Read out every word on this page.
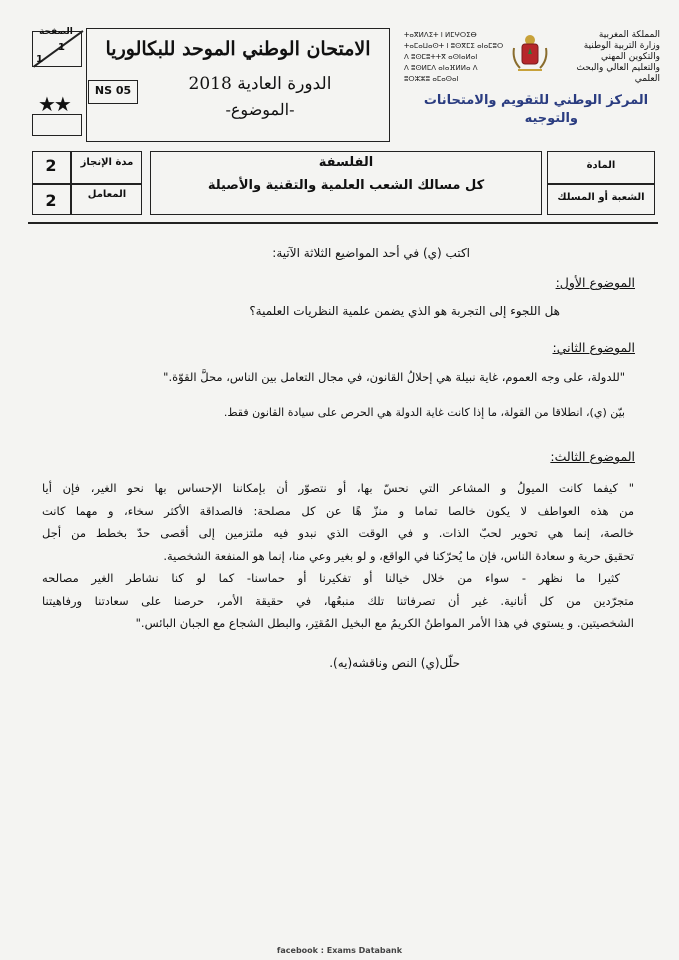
الصفحة
1
1
★★
الامتحان الوطني الموحد للبكالوريا
الدورة العادية 2018
-الموضوع-
NS 05
المملكة المغربية
وزارة التربية الوطنية
والتكوين المهني
والتعليم العالي والبحث العلمي
ⵜⴰⴳⵍⴷⵉⵜ ⵏ ⵍⵎⵖⵔⵉⴱ
ⵜⴰⵎⴰⵡⴰⵙⵜ ⵏ ⵓⵙⴳⵎⵉ ⴰⵏⴰⵎⵓⵔ
ⴷ ⵓⵙⵎⵓⵜⵜⴳ ⴰⵙⵏⴰⵍⴰⵏ
ⴷ ⵓⵙⵍⵎⴷ ⴰⵏⴰⴼⵍⵍⴰ ⴷ ⵓⵔⵣⵣⵓ ⴰⵎⴰⵙⴰⵏ
المركز الوطني للتقويم والامتحانات
والتوجيه
مدة الإنجاز
2
المعامل
2
الفلسفة
كل مسالك الشعب العلمية والتقنية والأصيلة
المادة
الشعبة أو المسلك
اكتب (ي) في أحد المواضيع الثلاثة الآتية:
الموضوع الأول:
هل اللجوء إلى التجربة هو الذي يضمن علمية النظريات العلمية؟
الموضوع الثاني:
"للدولة، على وجه العموم، غاية نبيلة هي إحلالُ القانون، في مجال التعامل بين الناس، محلَّ القوّة."
بيّن (ي)، انطلاقا من القولة، ما إذا كانت غاية الدولة هي الحرص على سيادة القانون فقط.
الموضوع الثالث:
" كيفما كانت الميولُ و المشاعر التي نحسّ بها، أو نتصوّر أن بإمكاننا الإحساس بها نحو الغير، فإن أيا
من هذه العواطف لا يكون خالصا تماما و منزّ هًا عن كل مصلحة: فالصداقة الأكثر سخاء، و مهما كانت
خالصة، إنما هي تحوير لحبّ الذات. و في الوقت الذي نبدو فيه ملتزمين إلى أقصى حدّ بخطط من أجل
تحقيق حرية و سعادة الناس، فإن ما يُحرّكنا في الواقع، و لو بغير وعي منا، إنما هو المنفعة الشخصية.
كثيرا ما نظهر - سواء من خلال خيالنا أو تفكيرنا أو حماسنا- كما لو كنا نشاطر الغير مصالحه
متجرّدين من كل أنانية. غير أن تصرفاتنا تلك منبعُها، في حقيقة الأمر، حرصنا على سعادتنا ورفاهيتنا
الشخصيتين. و يستوي في هذا الأمر المواطنُ الكريمُ مع البخيل المُقتِر، والبطل الشجاع مع الجبان البائس."
حلّل(ي) النص وناقشه(يه).
facebook : Exams Databank
